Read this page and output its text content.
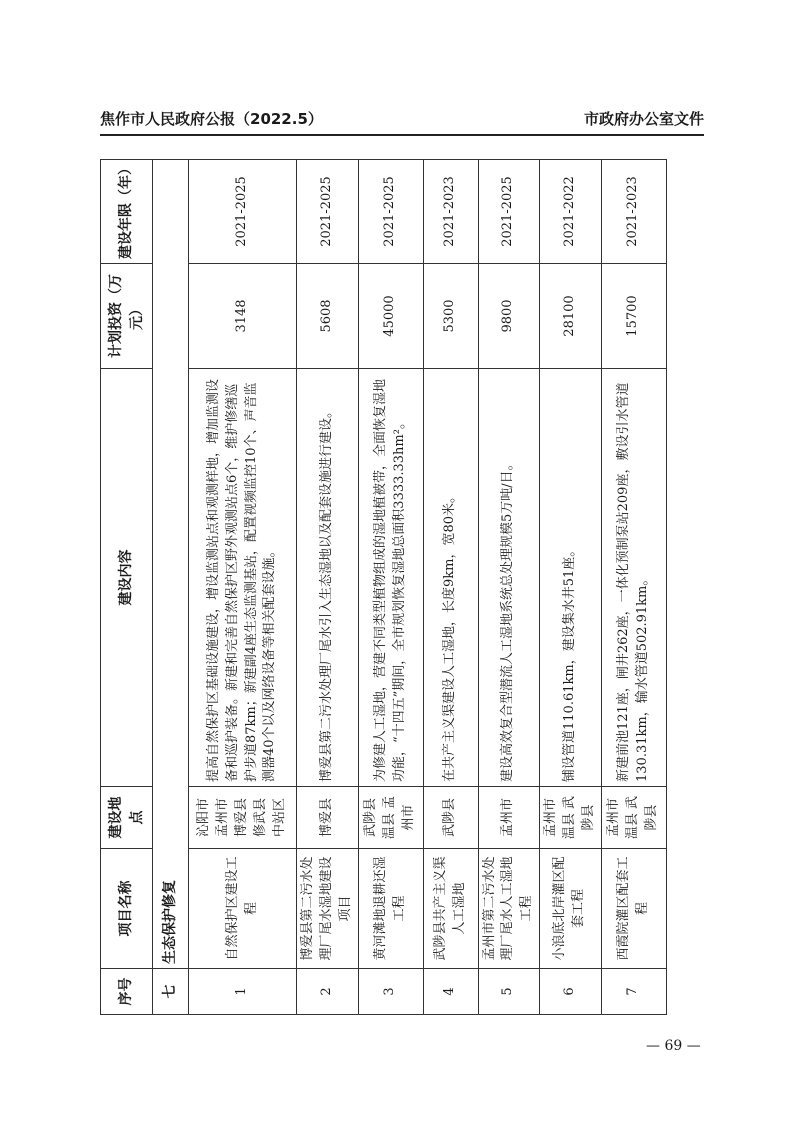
焦作市人民政府公报（2022.5）	市政府办公室文件
序号	项目名称	建设地点	建设内容	计划投资（万元）	建设年限（年）
七	生态保护修复				
1	自然保护区建设工程	沁阳市 孟州市 博爱县 修武县 中站区	提高自然保护区基础设施建设，增设监测站点和观测样地，增加监测设备和巡护装备。新建和完善自然保护区野外观测站点6个，维护修缮巡护步道87km；新建副4座生态监测基站，配置视频监控10个、声音监测器40个以及网络设备等相关配套设施。	3148	2021-2025
2	博爱县第二污水处理厂尾水湿地建设项目	博爱县	博爱县第二污水处理厂尾水引入生态湿地以及配套设施进行建设。	5608	2021-2025
3	黄河滩地退耕还湿工程	武陟县 温县 孟州市	为修建人工湿地，营建不同类型植物组成的湿地植被带，全面恢复湿地功能，“十四五”期间，全市规划恢复湿地总面积3333.33hm²。	45000	2021-2025
4	武陟县共产主义渠人工湿地	武陟县	在共产主义渠建设人工湿地，长度9km，宽80米。	5300	2021-2023
5	孟州市第二污水处理厂尾水人工湿地工程	孟州市	建设高效复合型潜流人工湿地系统总处理规模5万吨/日。	9800	2021-2025
6	小浪底北岸灌区配套工程	孟州市 温县 武陟县	铺设管道110.61km，建设集水井51座。	28100	2021-2022
7	西霞院灌区配套工程	孟州市 温县 武陟县	新建前池121座，闸井262座，一体化预制泵站209座，敷设引水管道130.31km，输水管道502.91km。	15700	2021-2023
— 69 —
